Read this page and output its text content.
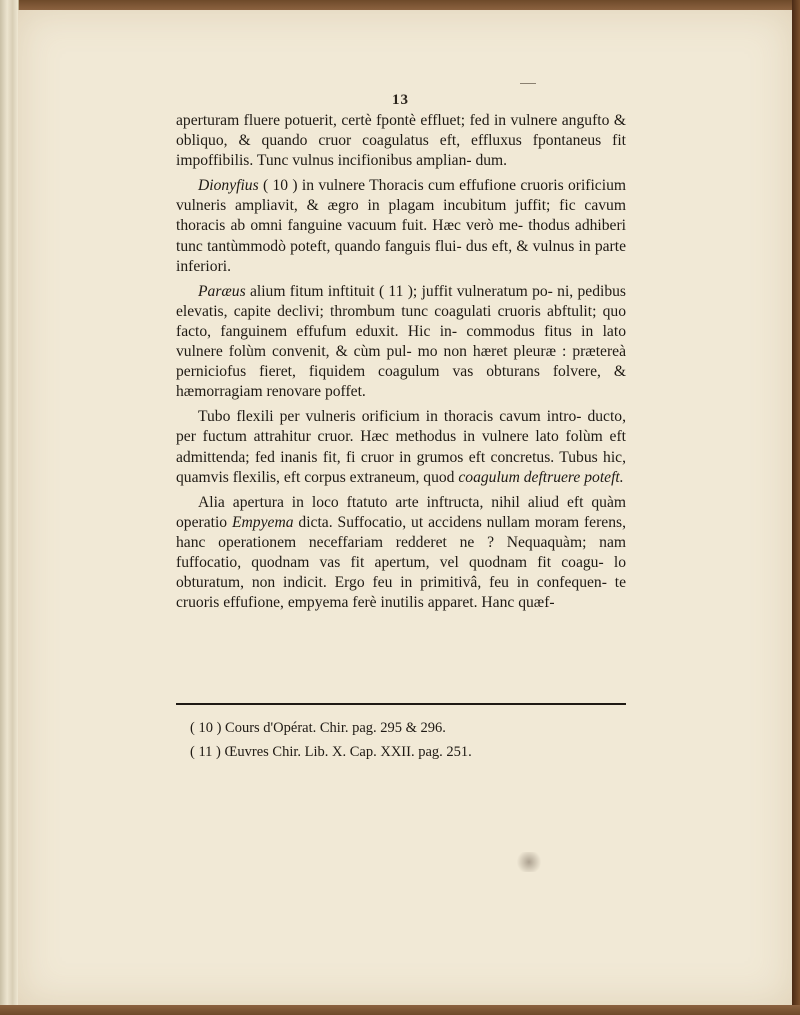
13

aperturam fluere potuerit, certè fpontè effluet; fed in vulnere angufto & obliquo, & quando cruor coagulatus eft, effluxus fpontaneus fit impoffibilis. Tunc vulnus incifionibus amplian- dum.

Dionyfius ( 10 ) in vulnere Thoracis cum effufione cruoris orificium vulneris ampliavit, & ægro in plagam incubitum juffit; fic cavum thoracis ab omni fanguine vacuum fuit. Hæc verò me- thodus adhiberi tunc tantùmmodò poteft, quando fanguis flui- dus eft, & vulnus in parte inferiori.

Paræus alium fitum inftituit ( 11 ); juffit vulneratum po- ni, pedibus elevatis, capite declivi; thrombum tunc coagulati cruoris abftulit; quo facto, fanguinem effufum eduxit. Hic in- commodus fitus in lato vulnere folùm convenit, & cùm pul- mo non hæret pleuræ : prætereà perniciofus fieret, fiquidem coagulum vas obturans folvere, & hæmorragiam renovare poffet.

Tubo flexili per vulneris orificium in thoracis cavum intro- ducto, per fuctum attrahitur cruor. Hæc methodus in vulnere lato folùm eft admittenda; fed inanis fit, fi cruor in grumos eft concretus. Tubus hic, quamvis flexilis, eft corpus extraneum, quod coagulum deftruere poteft.

Alia apertura in loco ftatuto arte inftructa, nihil aliud eft quàm operatio Empyema dicta. Suffocatio, ut accidens nullam moram ferens, hanc operationem neceffariam redderet ne ? Nequaquàm; nam fuffocatio, quodnam vas fit apertum, vel quodnam fit coagu- lo obturatum, non indicit. Ergo feu in primitivâ, feu in confequen- te cruoris effufione, empyema ferè inutilis apparet. Hanc quæf-

( 10 ) Cours d'Opérat. Chir. pag. 295 & 296.
( 11 ) Œuvres Chir. Lib. X. Cap. XXII. pag. 251.
